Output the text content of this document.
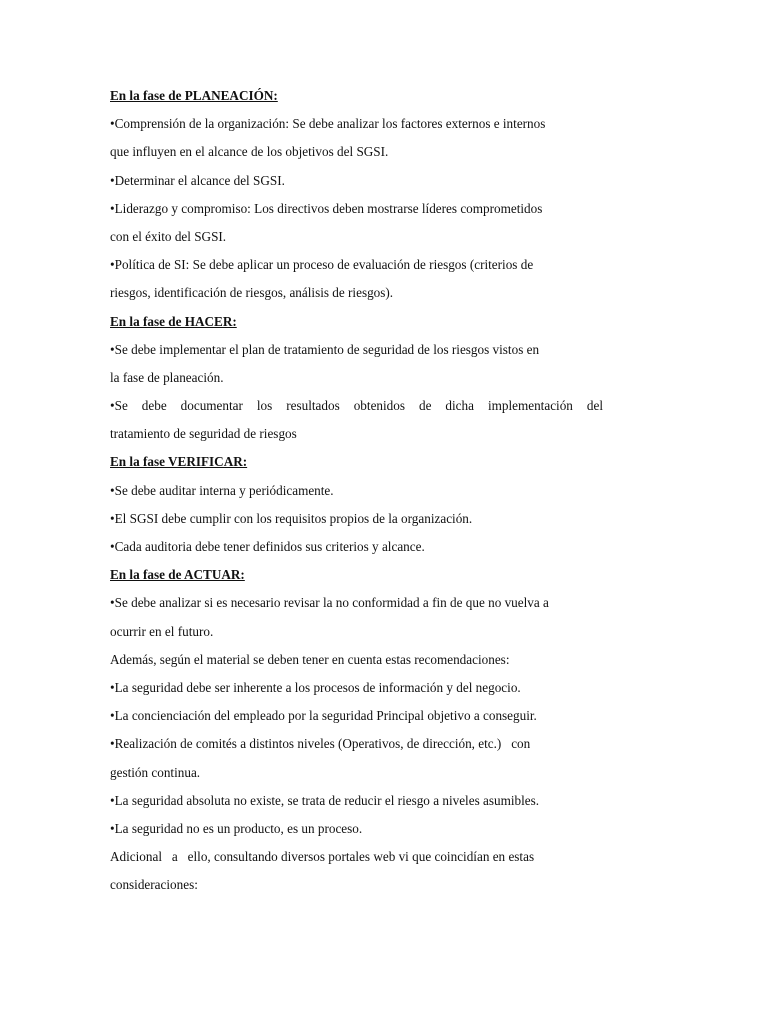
En la fase de PLANEACIÓN:
•Comprensión de la organización: Se debe analizar los factores externos e internos
que influyen en el alcance de los objetivos del SGSI.
•Determinar el alcance del SGSI.
•Liderazgo y compromiso: Los directivos deben mostrarse líderes comprometidos
con el éxito del SGSI.
•Política de SI: Se debe aplicar un proceso de evaluación de riesgos (criterios de
riesgos, identificación de riesgos, análisis de riesgos).
En la fase de HACER:
•Se debe implementar el plan de tratamiento de seguridad de los riesgos vistos en
la fase de planeación.
•Se debe documentar los resultados obtenidos de dicha implementación del
tratamiento de seguridad de riesgos
En la fase VERIFICAR:
•Se debe auditar interna y periódicamente.
•El SGSI debe cumplir con los requisitos propios de la organización.
•Cada auditoria debe tener definidos sus criterios y alcance.
En la fase de ACTUAR:
•Se debe analizar si es necesario revisar la no conformidad a fin de que no vuelva a
ocurrir en el futuro.
Además, según el material se deben tener en cuenta estas recomendaciones:
•La seguridad debe ser inherente a los procesos de información y del negocio.
•La concienciación del empleado por la seguridad Principal objetivo a conseguir.
•Realización de comités a distintos niveles (Operativos, de dirección, etc.)   con
gestión continua.
•La seguridad absoluta no existe, se trata de reducir el riesgo a niveles asumibles.
•La seguridad no es un producto, es un proceso.
Adicional   a   ello, consultando diversos portales web vi que coincidían en estas
consideraciones:
